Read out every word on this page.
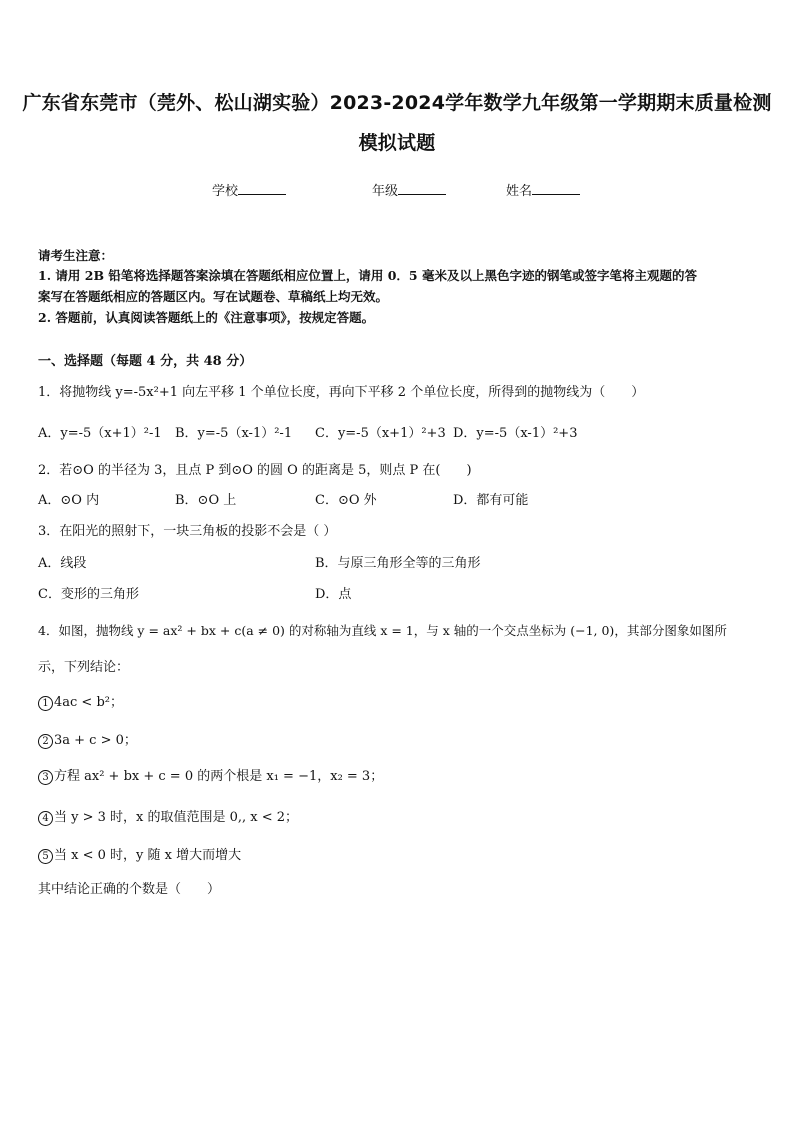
广东省东莞市（莞外、松山湖实验）2023-2024学年数学九年级第一学期期末质量检测
模拟试题
学校	年级	姓名
请考生注意：
1. 请用 2B 铅笔将选择题答案涂填在答题纸相应位置上，请用 0．5 毫米及以上黑色字迹的钢笔或签字笔将主观题的答
案写在答题纸相应的答题区内。写在试题卷、草稿纸上均无效。
2. 答题前，认真阅读答题纸上的《注意事项》，按规定答题。
一、选择题（每题 4 分，共 48 分）
1．将抛物线 y=-5x²+1 向左平移 1 个单位长度，再向下平移 2 个单位长度，所得到的抛物线为（　　）
A．y=-5（x+1）²-1 B．y=-5（x-1）²-1 C．y=-5（x+1）²+3 D．y=-5（x-1）²+3
2．若⊙O 的半径为 3，且点 P 到⊙O 的圆 O 的距离是 5，则点 P 在(　　)
A．⊙O 内	B．⊙O 上	C．⊙O 外	D．都有可能
3．在阳光的照射下，一块三角板的投影不会是（ ）
A．线段	B．与原三角形全等的三角形
C．变形的三角形	D．点
4．如图，抛物线 y = ax² + bx + c(a ≠ 0) 的对称轴为直线 x = 1，与 x 轴的一个交点坐标为 (−1, 0)，其部分图象如图所
示，下列结论：
1 4ac < b²；
2 3a + c > 0；
3 方程 ax² + bx + c = 0 的两个根是 x₁ = −1，x₂ = 3；
4 当 y > 3 时，x 的取值范围是 0,, x < 2；
5 当 x < 0 时，y 随 x 增大而增大
其中结论正确的个数是（　　）
